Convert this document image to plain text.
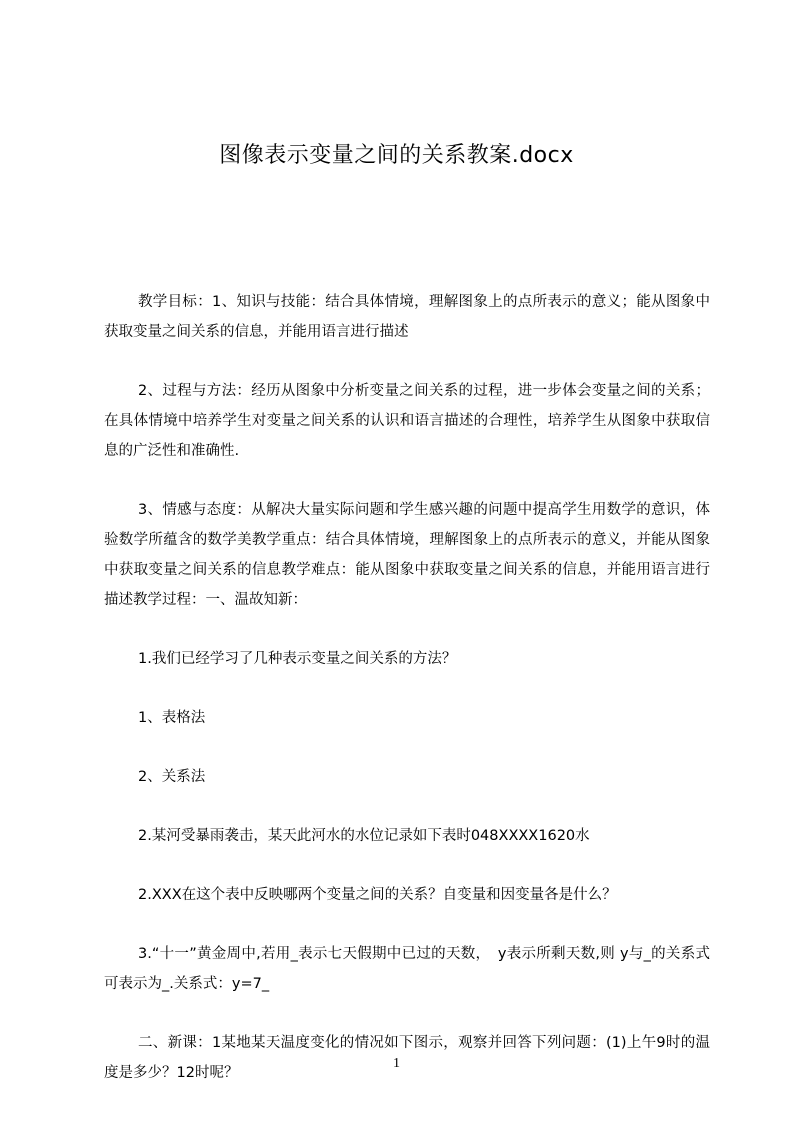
图像表示变量之间的关系教案.docx

教学目标：1、知识与技能：结合具体情境，理解图象上的点所表示的意义；能从图象中获取变量之间关系的信息，并能用语言进行描述

2、过程与方法：经历从图象中分析变量之间关系的过程，进一步体会变量之间的关系；在具体情境中培养学生对变量之间关系的认识和语言描述的合理性，培养学生从图象中获取信息的广泛性和准确性.

3、情感与态度：从解决大量实际问题和学生感兴趣的问题中提高学生用数学的意识，体验数学所蕴含的数学美教学重点：结合具体情境，理解图象上的点所表示的意义，并能从图象中获取变量之间关系的信息教学难点：能从图象中获取变量之间关系的信息，并能用语言进行描述教学过程：一、温故知新：

1.我们已经学习了几种表示变量之间关系的方法？

1、表格法

2、关系法

2.某河受暴雨袭击，某天此河水的水位记录如下表时048XXXX1620水

2.XXX在这个表中反映哪两个变量之间的关系？自变量和因变量各是什么？

3.“十一”黄金周中,若用_表示七天假期中已过的天数，　y表示所剩天数,则 y与_的关系式可表示为_.关系式：y=7_

二、新课：1某地某天温度变化的情况如下图示，观察并回答下列问题：(1)上午9时的温度是多少？12时呢？

1
